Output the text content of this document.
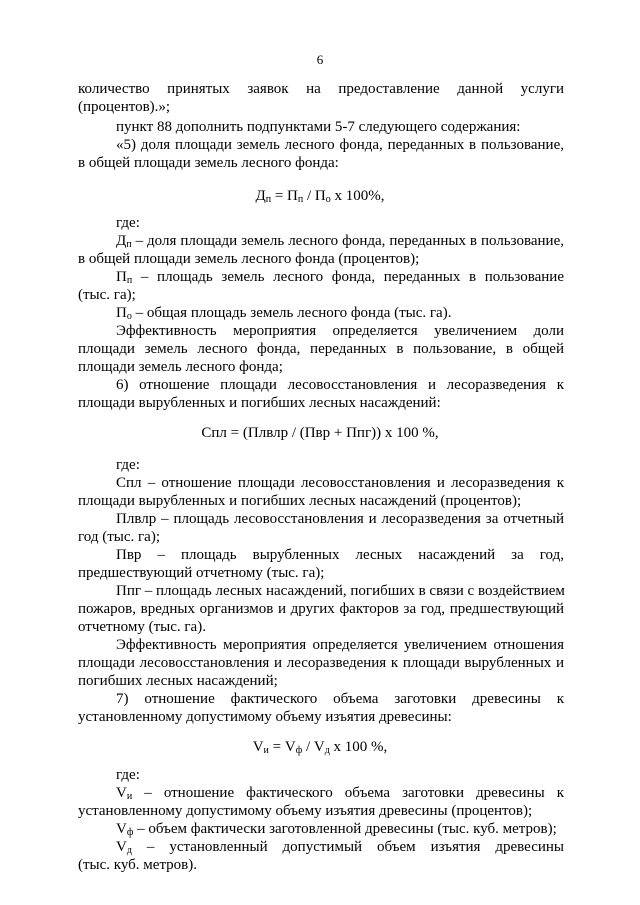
6
количество принятых заявок на предоставление данной услуги
(процентов).»;
пункт 88 дополнить подпунктами 5-7 следующего содержания:
«5) доля площади земель лесного фонда, переданных в пользование,
в общей площади земель лесного фонда:
$Д_п = П_п / П_о$ х 100%,
где:
$Д_п$ – доля площади земель лесного фонда, переданных в пользование,
в общей площади земель лесного фонда (процентов);
$П_п$ – площадь земель лесного фонда, переданных в пользование
(тыс. га);
$П_о$ – общая площадь земель лесного фонда (тыс. га).
Эффективность мероприятия определяется увеличением доли
площади земель лесного фонда, переданных в пользование, в общей
площади земель лесного фонда;
6) отношение площади лесовосстановления и лесоразведения к
площади вырубленных и погибших лесных насаждений:
Спл = (Плвлр / (Пвр + Ппг)) х 100 %,
где:
Спл – отношение площади лесовосстановления и лесоразведения к
площади вырубленных и погибших лесных насаждений (процентов);
Плвлр – площадь лесовосстановления и лесоразведения за отчетный
год (тыс. га);
Пвр – площадь вырубленных лесных насаждений за год,
предшествующий отчетному (тыс. га);
Ппг – площадь лесных насаждений, погибших в связи с воздействием
пожаров, вредных организмов и других факторов за год, предшествующий
отчетному (тыс. га).
Эффективность мероприятия определяется увеличением отношения
площади лесовосстановления и лесоразведения к площади вырубленных и
погибших лесных насаждений;
7) отношение фактического объема заготовки древесины к
установленному допустимому объему изъятия древесины:
$V_и = V_ф / V_д$ х 100 %,
где:
$V_и$ – отношение фактического объема заготовки древесины к
установленному допустимому объему изъятия древесины (процентов);
$V_ф$ – объем фактически заготовленной древесины (тыс. куб. метров);
$V_д$ – установленный допустимый объем изъятия древесины
(тыс. куб. метров).
